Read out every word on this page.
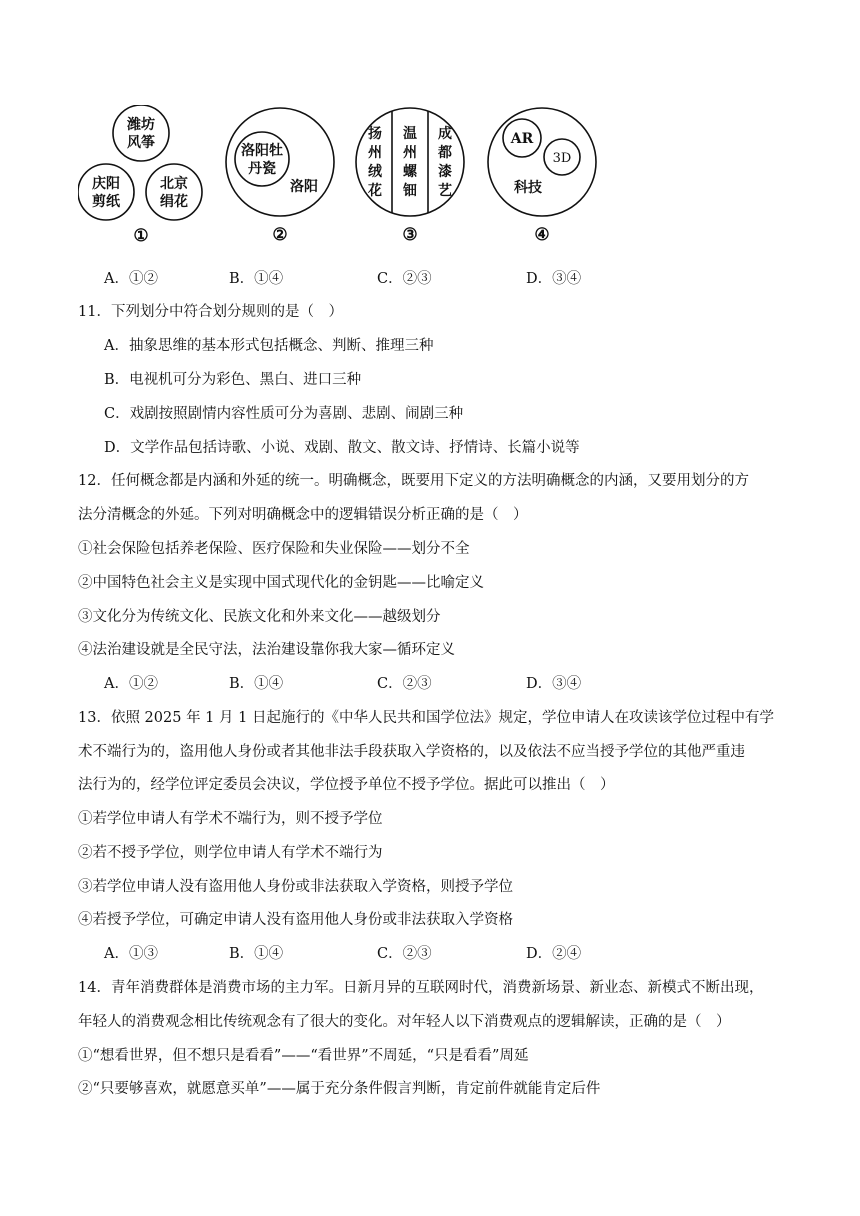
潍坊
风筝
庆阳
剪纸
北京
绢花
①
洛阳牡
丹瓷
洛阳
②
扬州绒花
温州螺钿
成都漆艺
③
AR
3D
科技
④
A．①②	B．①④	C．②③	D．③④
11．下列划分中符合划分规则的是（　）
A．抽象思维的基本形式包括概念、判断、推理三种
B．电视机可分为彩色、黑白、进口三种
C．戏剧按照剧情内容性质可分为喜剧、悲剧、闹剧三种
D．文学作品包括诗歌、小说、戏剧、散文、散文诗、抒情诗、长篇小说等
12．任何概念都是内涵和外延的统一。明确概念，既要用下定义的方法明确概念的内涵，又要用划分的方
法分清概念的外延。下列对明确概念中的逻辑错误分析正确的是（　）
①社会保险包括养老保险、医疗保险和失业保险——划分不全
②中国特色社会主义是实现中国式现代化的金钥匙——比喻定义
③文化分为传统文化、民族文化和外来文化——越级划分
④法治建设就是全民守法，法治建设靠你我大家—循环定义
A．①②	B．①④	C．②③	D．③④
13．依照 2025 年 1 月 1 日起施行的《中华人民共和国学位法》规定，学位申请人在攻读该学位过程中有学
术不端行为的，盗用他人身份或者其他非法手段获取入学资格的，以及依法不应当授予学位的其他严重违
法行为的，经学位评定委员会决议，学位授予单位不授予学位。据此可以推出（　）
①若学位申请人有学术不端行为，则不授予学位
②若不授予学位，则学位申请人有学术不端行为
③若学位申请人没有盗用他人身份或非法获取入学资格，则授予学位
④若授予学位，可确定申请人没有盗用他人身份或非法获取入学资格
A．①③	B．①④	C．②③	D．②④
14．青年消费群体是消费市场的主力军。日新月异的互联网时代，消费新场景、新业态、新模式不断出现，
年轻人的消费观念相比传统观念有了很大的变化。对年轻人以下消费观点的逻辑解读，正确的是（　）
①“想看世界，但不想只是看看”——“看世界”不周延，“只是看看”周延
②“只要够喜欢，就愿意买单”——属于充分条件假言判断，肯定前件就能肯定后件
